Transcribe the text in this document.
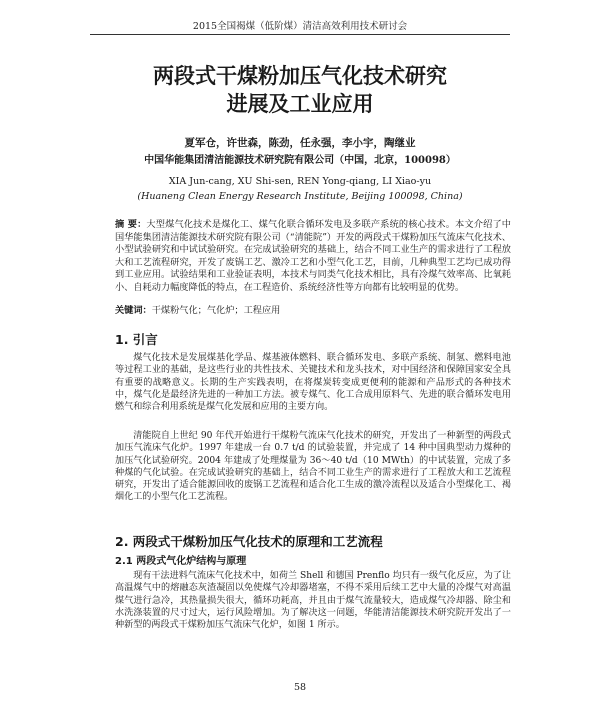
2015全国褐煤（低阶煤）清洁高效利用技术研讨会
两段式干煤粉加压气化技术研究
进展及工业应用
夏军仓，许世森，陈劲，任永强，李小宇，陶继业
中国华能集团清洁能源技术研究院有限公司（中国，北京，100098）
XIA Jun-cang, XU Shi-sen, REN Yong-qiang, LI Xiao-yu
(Huaneng Clean Energy Research Institute, Beijing 100098, China)
摘 要：大型煤气化技术是煤化工、煤气化联合循环发电及多联产系统的核心技术。本文介绍了中国华能集团清洁能源技术研究院有限公司（“清能院”）开发的两段式干煤粉加压气流床气化技术、小型试验研究和中试试验研究。在完成试验研究的基础上，结合不同工业生产的需求进行了工程放大和工艺流程研究，开发了废锅工艺、激冷工艺和小型气化工艺，目前，几种典型工艺均已成功得到工业应用。试验结果和工业验证表明，本技术与同类气化技术相比，具有冷煤气效率高、比氧耗小、自耗动力幅度降低的特点，在工程造价、系统经济性等方向都有比较明显的优势。
关键词：干煤粉气化；气化炉；工程应用
1. 引言

煤气化技术是发展煤基化学品、煤基液体燃料、联合循环发电、多联产系统、制氢、燃料电池等过程工业的基础，是这些行业的共性技术、关键技术和龙头技术，对中国经济和保障国家安全具有重要的战略意义。长期的生产实践表明，在将煤炭转变成更便利的能源和产品形式的各种技术中，煤气化是最经济先进的一种加工方法。被专煤气、化工合成用原料气、先进的联合循环发电用燃气和综合利用系统是煤气化发展和应用的主要方向。

清能院自上世纪 90 年代开始进行干煤粉气流床气化技术的研究，开发出了一种新型的两段式加压气流床气化炉。1997 年建成一台 0.7 t/d 的试验装置，并完成了 14 种中国典型动力煤种的加压气化试验研究。2004 年建成了处理煤量为 36～40 t/d（10 MWth）的中试装置，完成了多种煤的气化试验。在完成试验研究的基础上，结合不同工业生产的需求进行了工程放大和工艺流程研究，开发出了适合能源回收的废锅工艺流程和适合化工生成的激冷流程以及适合小型煤化工、褐烟化工的小型气化工艺流程。

2. 两段式干煤粉加压气化技术的原理和工艺流程
2.1 两段式气化炉结构与原理

现有干法进料气流床气化技术中，如荷兰 Shell 和德国 Prenflo 均只有一级气化反应，为了让高温煤气中的熔融态灰渣凝固以免使煤气冷却器堵塞，不得不采用后续工艺中大量的冷煤气对高温煤气进行急冷，其热量损失很大，循环功耗高，并且由于煤气流量较大，造成煤气冷却器、除尘和水洗涤装置的尺寸过大，运行风险增加。为了解决这一问题，华能清洁能源技术研究院开发出了一种新型的两段式干煤粉加压气流床气化炉，如图 1 所示。

58
